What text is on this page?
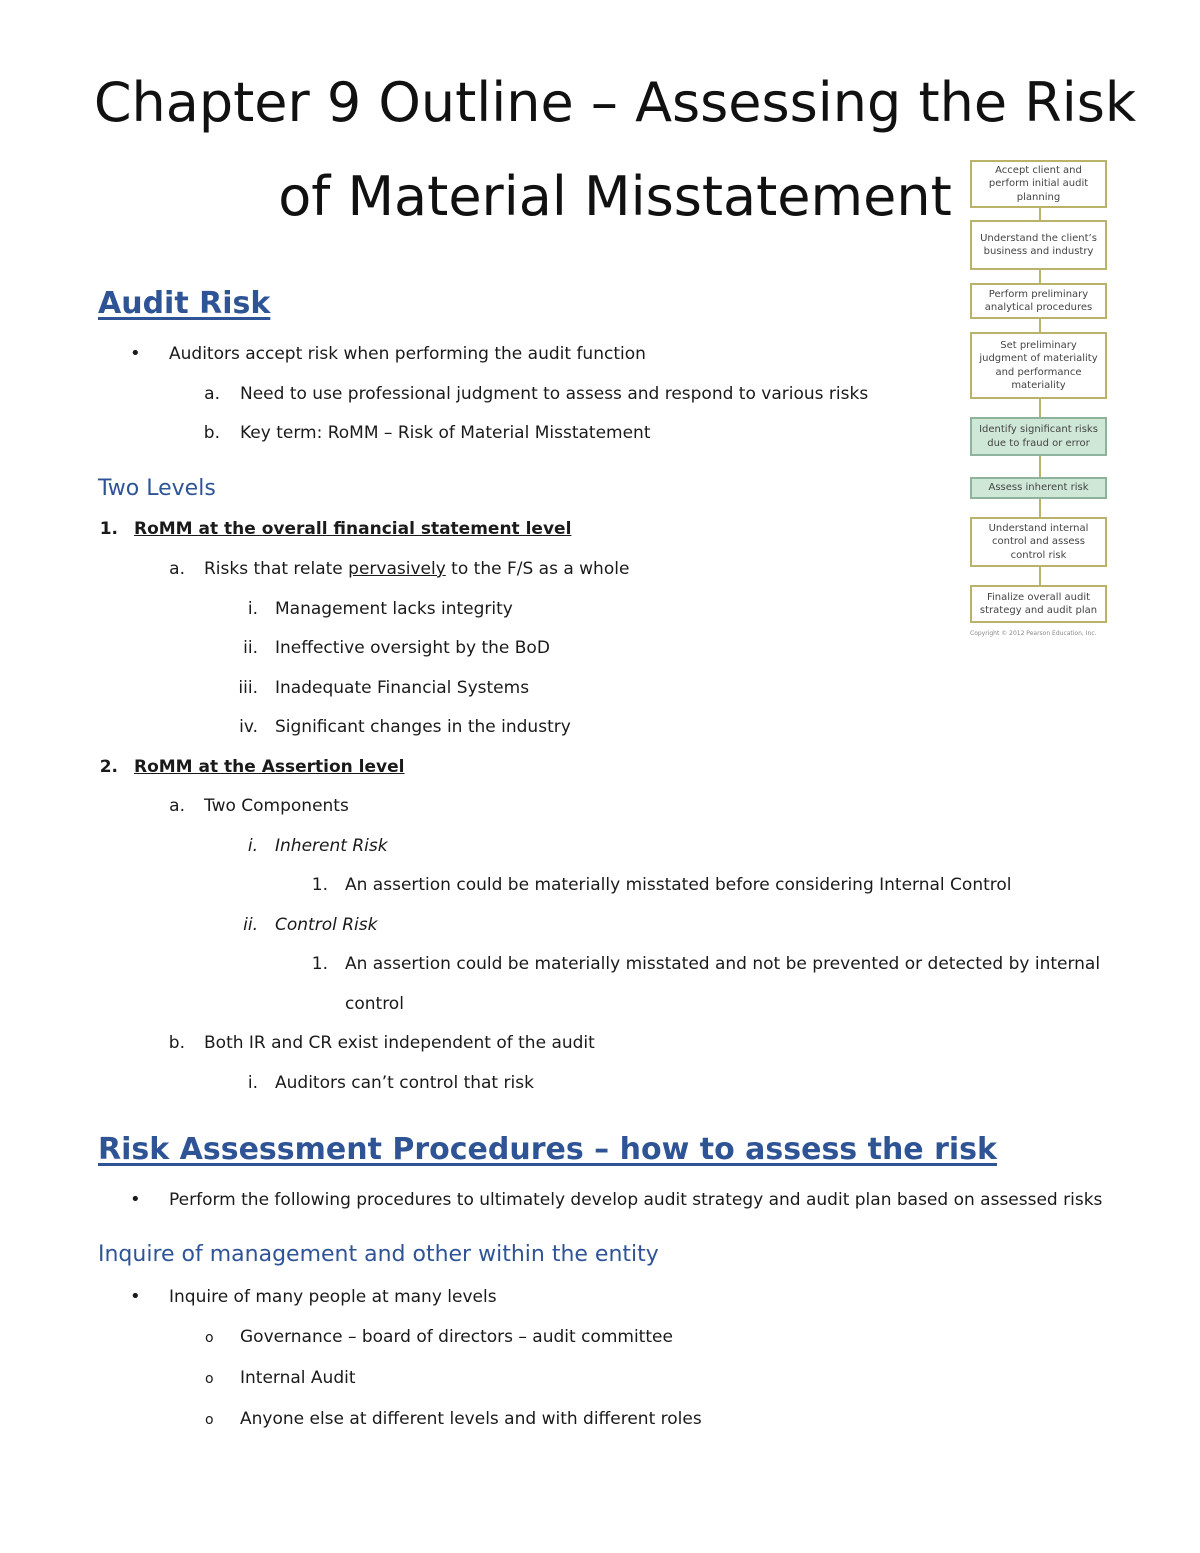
Chapter 9 Outline – Assessing the Risk
of Material Misstatement	Accept client and perform initial audit planning
Understand the client’s business and industry
Perform preliminary analytical procedures
Set preliminary judgment of materiality and performance materiality
Identify significant risks due to fraud or error
Assess inherent risk
Understand internal control and assess control risk
Finalize overall audit strategy and audit plan
Copyright © 2012 Pearson Education, Inc.
Audit Risk
• Auditors accept risk when performing the audit function
a. Need to use professional judgment to assess and respond to various risks
b. Key term: RoMM – Risk of Material Misstatement
Two Levels
1. RoMM at the overall financial statement level
a. Risks that relate pervasively to the F/S as a whole
i. Management lacks integrity
ii. Ineffective oversight by the BoD
iii. Inadequate Financial Systems
iv. Significant changes in the industry
2. RoMM at the Assertion level
a. Two Components
i. Inherent Risk
1. An assertion could be materially misstated before considering Internal Control
ii. Control Risk
1. An assertion could be materially misstated and not be prevented or detected by internal
control
b. Both IR and CR exist independent of the audit
i. Auditors can’t control that risk
Risk Assessment Procedures – how to assess the risk
• Perform the following procedures to ultimately develop audit strategy and audit plan based on assessed risks
Inquire of management and other within the entity
• Inquire of many people at many levels
o Governance – board of directors – audit committee
o Internal Audit
o Anyone else at different levels and with different roles
